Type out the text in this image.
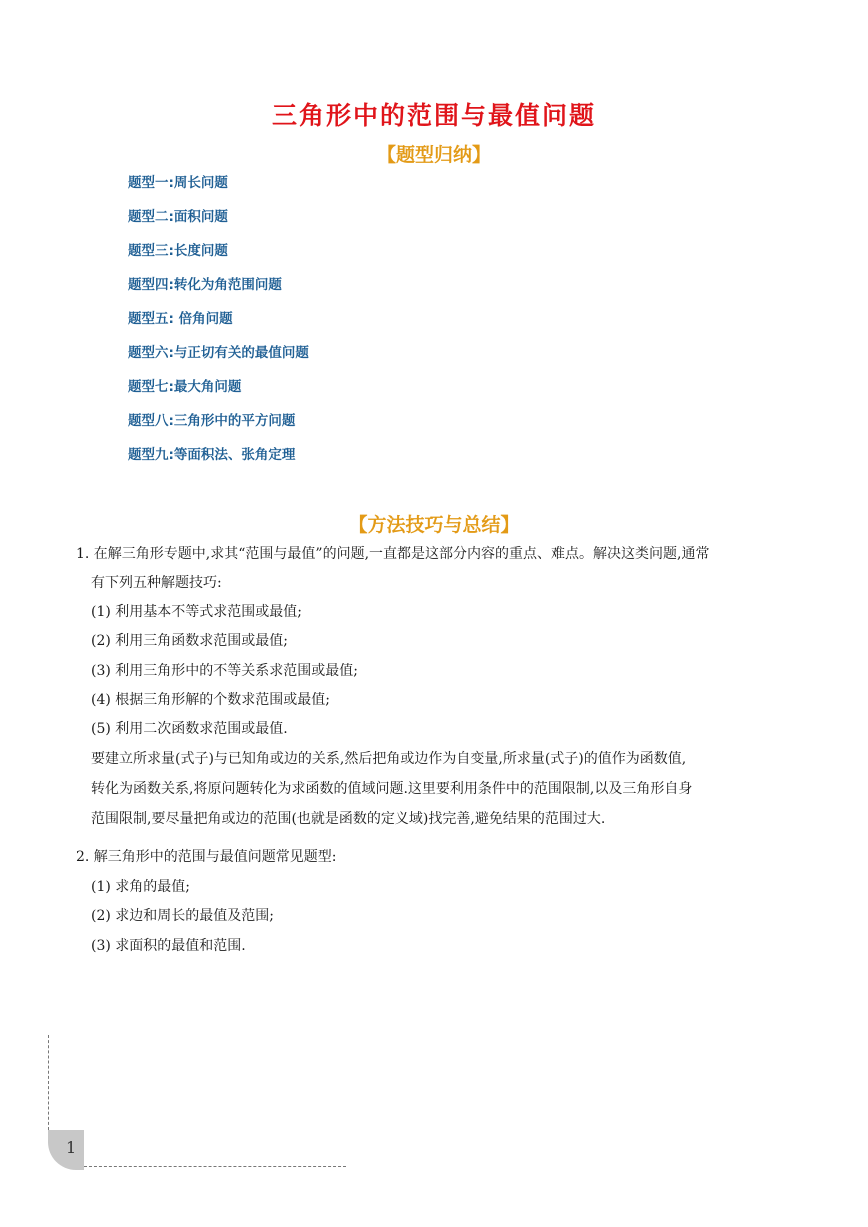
三角形中的范围与最值问题
【题型归纳】
题型一:周长问题
题型二:面积问题
题型三:长度问题
题型四:转化为角范围问题
题型五: 倍角问题
题型六:与正切有关的最值问题
题型七:最大角问题
题型八:三角形中的平方问题
题型九:等面积法、张角定理
【方法技巧与总结】
1. 在解三角形专题中,求其“范围与最值”的问题,一直都是这部分内容的重点、难点。解决这类问题,通常
有下列五种解题技巧:
(1) 利用基本不等式求范围或最值;
(2) 利用三角函数求范围或最值;
(3) 利用三角形中的不等关系求范围或最值;
(4) 根据三角形解的个数求范围或最值;
(5) 利用二次函数求范围或最值.
要建立所求量(式子)与已知角或边的关系,然后把角或边作为自变量,所求量(式子)的值作为函数值,
转化为函数关系,将原问题转化为求函数的值域问题.这里要利用条件中的范围限制,以及三角形自身
范围限制,要尽量把角或边的范围(也就是函数的定义域)找完善,避免结果的范围过大.
2. 解三角形中的范围与最值问题常见题型:
(1) 求角的最值;
(2) 求边和周长的最值及范围;
(3) 求面积的最值和范围.
1
